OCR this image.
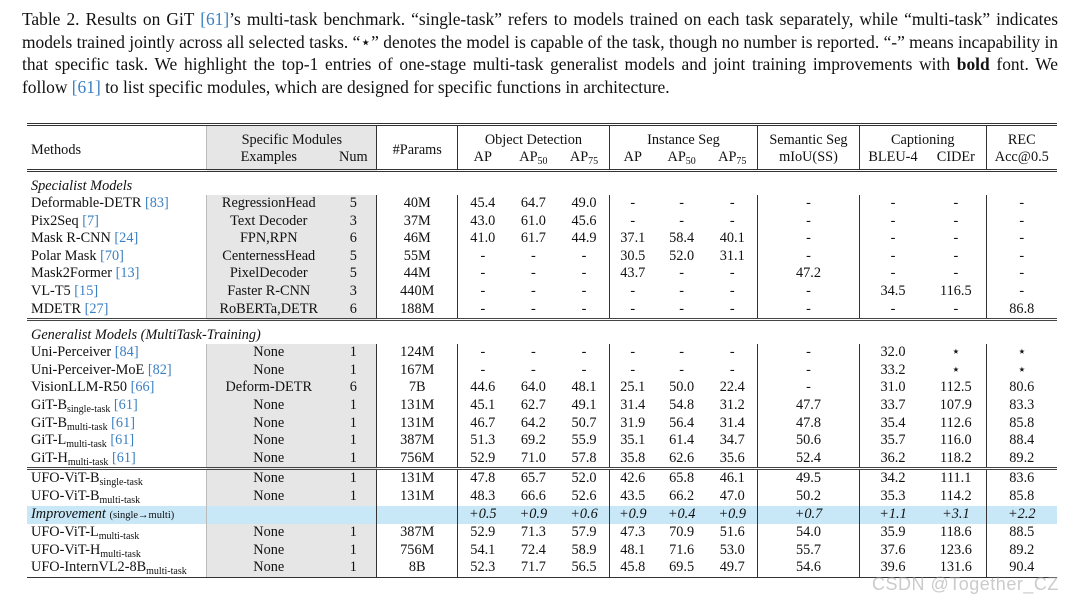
Table 2. Results on GiT [61]’s multi-task benchmark. “single-task” refers to models trained on each task separately, while “multi-task” indicates models trained jointly across all selected tasks. “⋆” denotes the model is capable of the task, though no number is reported. “-” means incapability in that specific task. We highlight the top-1 entries of one-stage multi-task generalist models and joint training improvements with bold font. We follow [61] to list specific modules, which are designed for specific functions in architecture.
Methods	Specific Modules		#Params	Object Detection			Instance Seg			Semantic Seg	Captioning		REC
	Examples	Num		AP	$AP_{50}$	$AP_{75}$	AP	$AP_{50}$	$AP_{75}$	mIoU(SS)	BLEU-4	CIDEr	Acc@0.5
Specialist Models													
Deformable-DETR [83]	RegressionHead	5	40M	45.4	64.7	49.0	-	-	-	-	-	-	-
Pix2Seq [7]	Text Decoder	3	37M	43.0	61.0	45.6	-	-	-	-	-	-	-
Mask R-CNN [24]	FPN,RPN	6	46M	41.0	61.7	44.9	37.1	58.4	40.1	-	-	-	-
Polar Mask [70]	CenternessHead	5	55M	-	-	-	30.5	52.0	31.1	-	-	-	-
Mask2Former [13]	PixelDecoder	5	44M	-	-	-	43.7	-	-	47.2	-	-	-
VL-T5 [15]	Faster R-CNN	3	440M	-	-	-	-	-	-	-	34.5	116.5	-
MDETR [27]	RoBERTa,DETR	6	188M	-	-	-	-	-	-	-	-	-	86.8
Generalist Models (MultiTask-Training)													
Uni-Perceiver [84]	None	1	124M	-	-	-	-	-	-	-	32.0	⋆	⋆
Uni-Perceiver-MoE [82]	None	1	167M	-	-	-	-	-	-	-	33.2	⋆	⋆
VisionLLM-R50 [66]	Deform-DETR	6	7B	44.6	64.0	48.1	25.1	50.0	22.4	-	31.0	112.5	80.6
GiT-$B_{single-task}$ [61]	None	1	131M	45.1	62.7	49.1	31.4	54.8	31.2	47.7	33.7	107.9	83.3
GiT-$B_{multi-task}$ [61]	None	1	131M	46.7	64.2	50.7	31.9	56.4	31.4	47.8	35.4	112.6	85.8
GiT-$L_{multi-task}$ [61]	None	1	387M	51.3	69.2	55.9	35.1	61.4	34.7	50.6	35.7	116.0	88.4
GiT-$H_{multi-task}$ [61]	None	1	756M	52.9	71.0	57.8	35.8	62.6	35.6	52.4	36.2	118.2	89.2
UFO-$ViT-B_{single-task}$	None	1	131M	47.8	65.7	52.0	42.6	65.8	46.1	49.5	34.2	111.1	83.6
UFO-$ViT-B_{multi-task}$	None	1	131M	48.3	66.6	52.6	43.5	66.2	47.0	50.2	35.3	114.2	85.8
Improvement (single→multi)				+0.5	+0.9	+0.6	+0.9	+0.4	+0.9	+0.7	+1.1	+3.1	+2.2
UFO-$ViT-L_{multi-task}$	None	1	387M	52.9	71.3	57.9	47.3	70.9	51.6	54.0	35.9	118.6	88.5
UFO-$ViT-H_{multi-task}$	None	1	756M	54.1	72.4	58.9	48.1	71.6	53.0	55.7	37.6	123.6	89.2
UFO-$InternVL2-8B_{multi-task}$	None	1	8B	52.3	71.7	56.5	45.8	69.5	49.7	54.6	39.6	131.6	90.4
CSDN @Together_CZ
